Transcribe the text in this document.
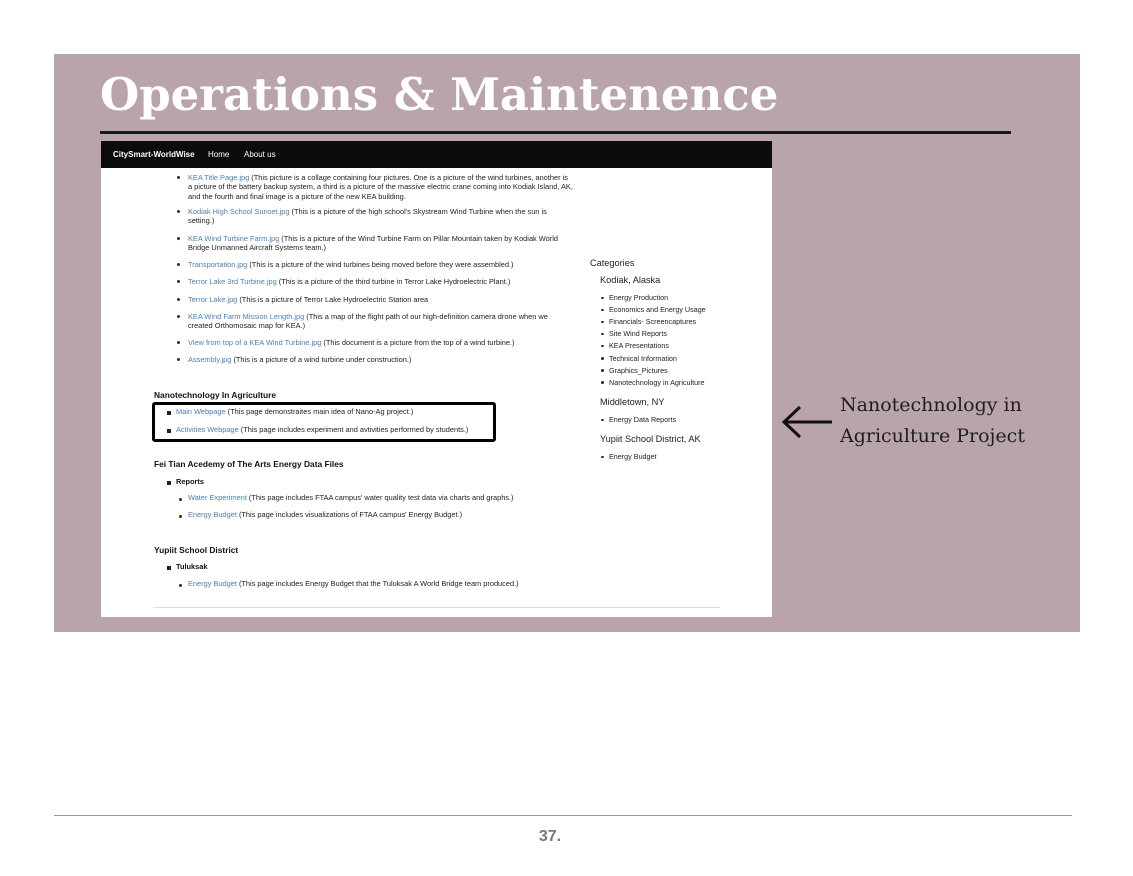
Operations & Maintenence
CitySmart-WorldWise Home About us
KEA Title Page.jpg (This picture is a collage containing four pictures. One is a picture of the wind turbines, another is a picture of the battery backup system, a third is a picture of the massive electric crane coming into Kodiak Island, AK, and the fourth and final image is a picture of the new KEA building.
Kodiak High School Sunset.jpg (This is a picture of the high school's Skystream Wind Turbine when the sun is setting.)
KEA Wind Turbine Farm.jpg (This is a picture of the Wind Turbine Farm on Pillar Mountain taken by Kodiak World Bridge Unmanned Aircraft Systems team.)
Transportation.jpg (This is a picture of the wind turbines being moved before they were assembled.)
Terror Lake 3rd Turbine.jpg (This is a picture of the third turbine in Terror Lake Hydroelectric Plant.)
Terror Lake.jpg (This is a picture of Terror Lake Hydroelectric Station area
KEA Wind Farm Mission Length.jpg (This a map of the flight path of our high-definition camera drone when we created Orthomosaic map for KEA.)
View from top of a KEA Wind Turbine.jpg (This document is a picture from the top of a wind turbine.)
Assembly.jpg (This is a picture of a wind turbine under construction.)
Nanotechnology In Agriculture
Main Webpage (This page demonstraites main idea of Nano-Ag project.)
Activities Webpage (This page includes experiment and avtivities performed by students.)
Fei Tian Acedemy of The Arts Energy Data Files
Reports
Water Experiment (This page includes FTAA campus' water quality test data via charts and graphs.)
Energy Budget (This page includes visualizations of FTAA campus' Energy Budget.)
Yupiit School District
Tuluksak
Energy Budget (This page includes Energy Budget that the Tuluksak A World Bridge team produced.)
Categories
Kodiak, Alaska
Energy Production
Economics and Energy Usage
Financials- Screencaptures
Site Wind Reports
KEA Presentations
Technical Information
Graphics_Pictures
Nanotechnology in Agriculture
Middletown, NY
Energy Data Reports
Yupiit School District, AK
Energy Budget
Nanotechnology in
Agriculture Project
37.
